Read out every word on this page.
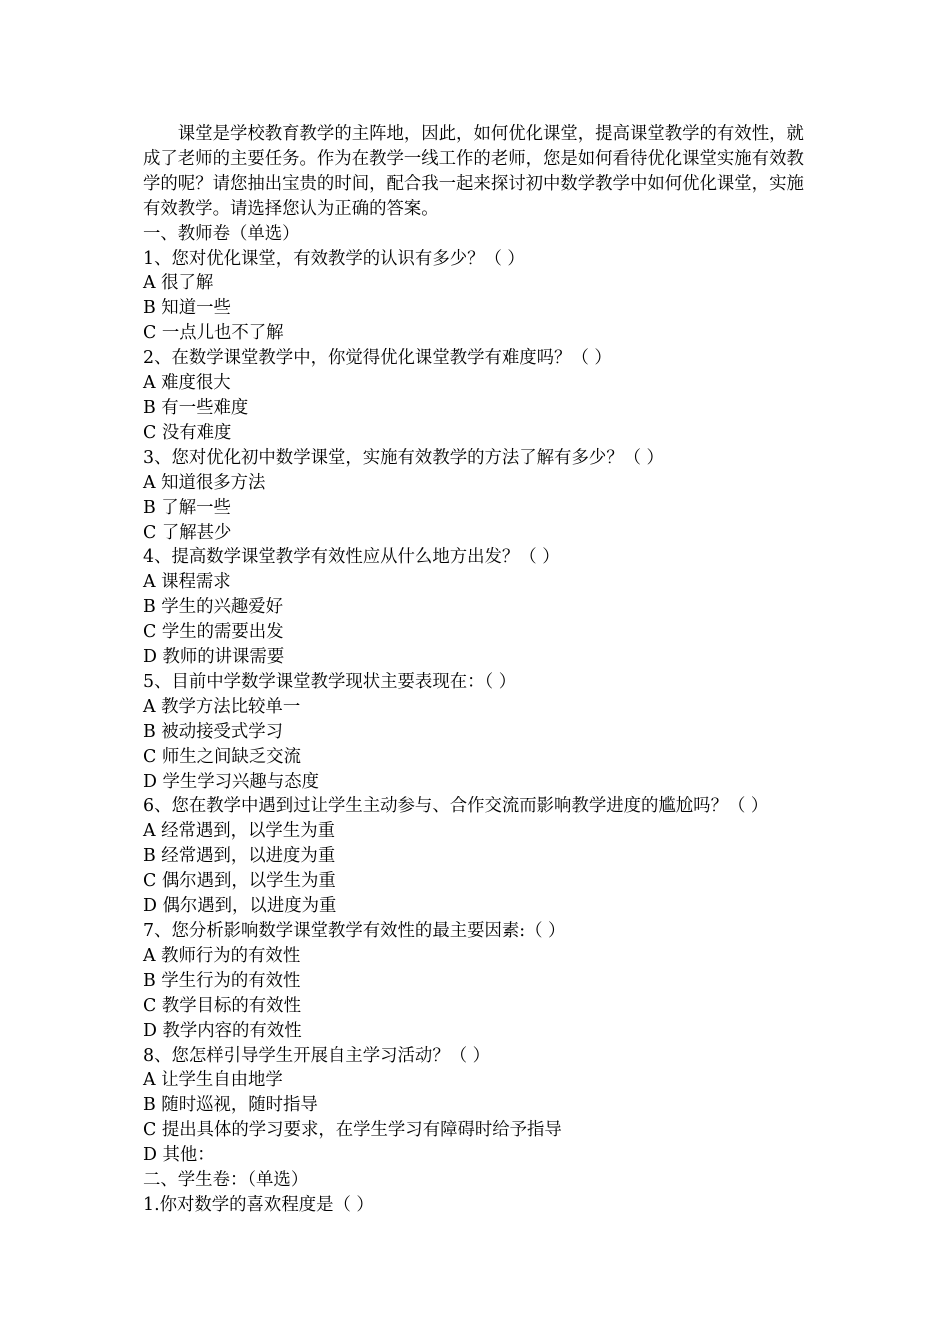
课堂是学校教育教学的主阵地，因此，如何优化课堂，提高课堂教学的有效性，就成了老师的主要任务。作为在教学一线工作的老师，您是如何看待优化课堂实施有效教学的呢？请您抽出宝贵的时间，配合我一起来探讨初中数学教学中如何优化课堂，实施有效教学。请选择您认为正确的答案。

一、教师卷（单选）

1、您对优化课堂，有效教学的认识有多少？（ ）

A 很了解

B 知道一些

C 一点儿也不了解

2、在数学课堂教学中，你觉得优化课堂教学有难度吗？（ ）

A 难度很大

B 有一些难度

C 没有难度

3、您对优化初中数学课堂，实施有效教学的方法了解有多少？（ ）

A 知道很多方法

B 了解一些

C 了解甚少

4、提高数学课堂教学有效性应从什么地方出发？（ ）

A 课程需求

B 学生的兴趣爱好

C 学生的需要出发

D 教师的讲课需要

5、目前中学数学课堂教学现状主要表现在：（ ）

A 教学方法比较单一

B 被动接受式学习

C 师生之间缺乏交流

D 学生学习兴趣与态度

6、您在教学中遇到过让学生主动参与、合作交流而影响教学进度的尴尬吗？（ ）

A 经常遇到，以学生为重

B 经常遇到，以进度为重

C 偶尔遇到，以学生为重

D 偶尔遇到，以进度为重

7、您分析影响数学课堂教学有效性的最主要因素:（ ）

A 教师行为的有效性

B 学生行为的有效性

C 教学目标的有效性

D 教学内容的有效性

8、您怎样引导学生开展自主学习活动？（ ）

A 让学生自由地学

B 随时巡视，随时指导

C 提出具体的学习要求，在学生学习有障碍时给予指导

D 其他：

二、学生卷：（单选）

1.你对数学的喜欢程度是（ ）
